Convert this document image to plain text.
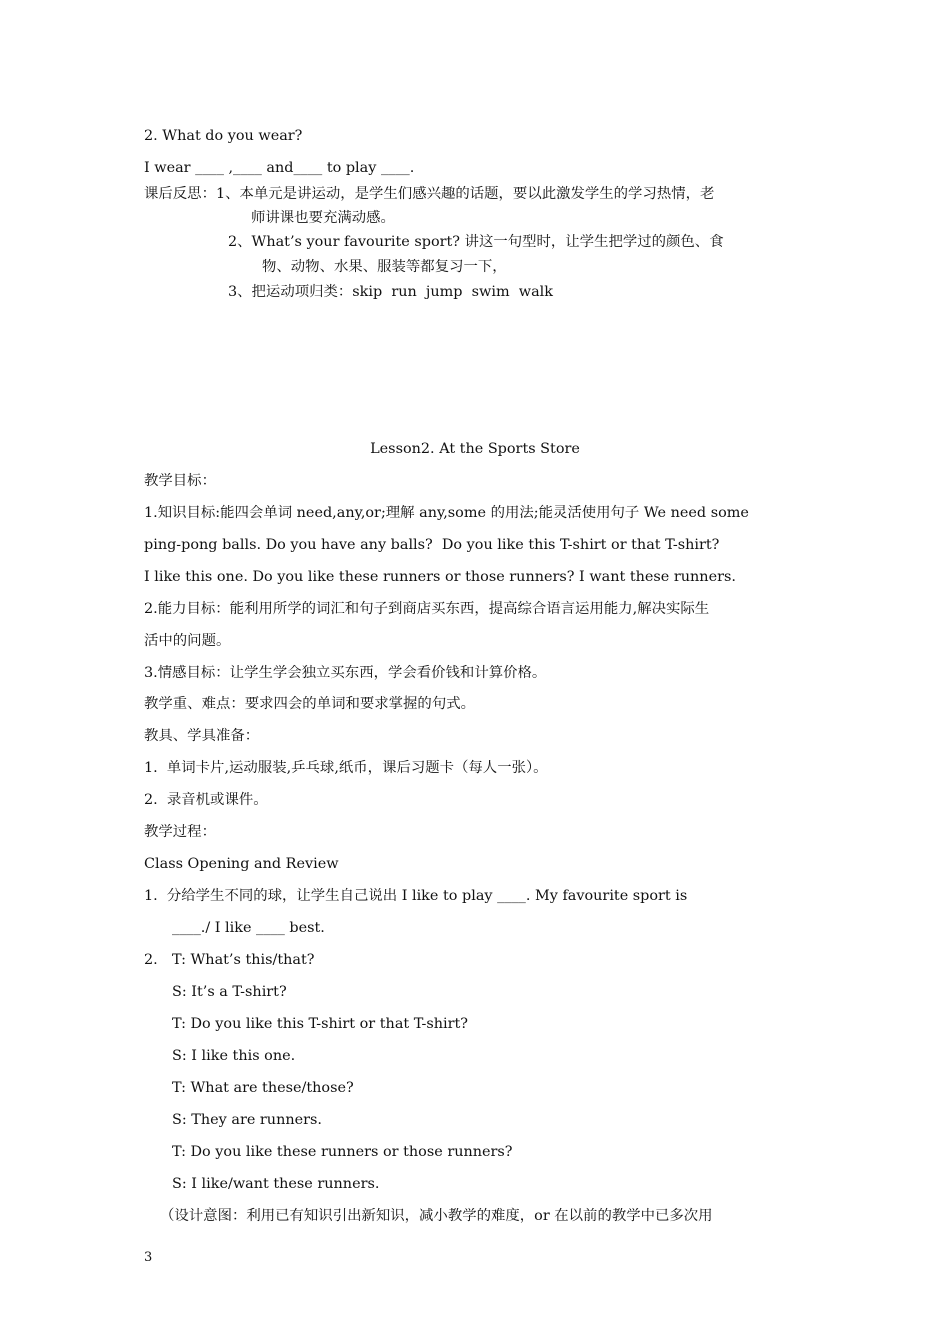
2. What do you wear?
I wear ____ ,____ and____ to play ____.
课后反思：1、本单元是讲运动，是学生们感兴趣的话题，要以此激发学生的学习热情，老
师讲课也要充满动感。
2、What’s your favourite sport? 讲这一句型时，让学生把学过的颜色、食
物、动物、水果、服装等都复习一下，
3、把运动项归类：skip  run  jump  swim  walk
Lesson2. At the Sports Store
教学目标：
1.知识目标:能四会单词 need,any,or;理解 any,some 的用法;能灵活使用句子 We need some
ping-pong balls. Do you have any balls?  Do you like this T-shirt or that T-shirt?
I like this one. Do you like these runners or those runners? I want these runners.
2.能力目标：能利用所学的词汇和句子到商店买东西，提高综合语言运用能力,解决实际生
活中的问题。
3.情感目标：让学生学会独立买东西，学会看价钱和计算价格。
教学重、难点：要求四会的单词和要求掌握的句式。
教具、学具准备：
1.  单词卡片,运动服装,乒乓球,纸币，课后习题卡（每人一张）。
2.  录音机或课件。
教学过程：
Class Opening and Review
1.  分给学生不同的球，让学生自己说出 I like to play ____. My favourite sport is
____./ I like ____ best.
2. T: What’s this/that?
S: It’s a T-shirt?
T: Do you like this T-shirt or that T-shirt?
S: I like this one.
T: What are these/those?
S: They are runners.
T: Do you like these runners or those runners?
S: I like/want these runners.
（设计意图：利用已有知识引出新知识，减小教学的难度，or 在以前的教学中已多次用
3
